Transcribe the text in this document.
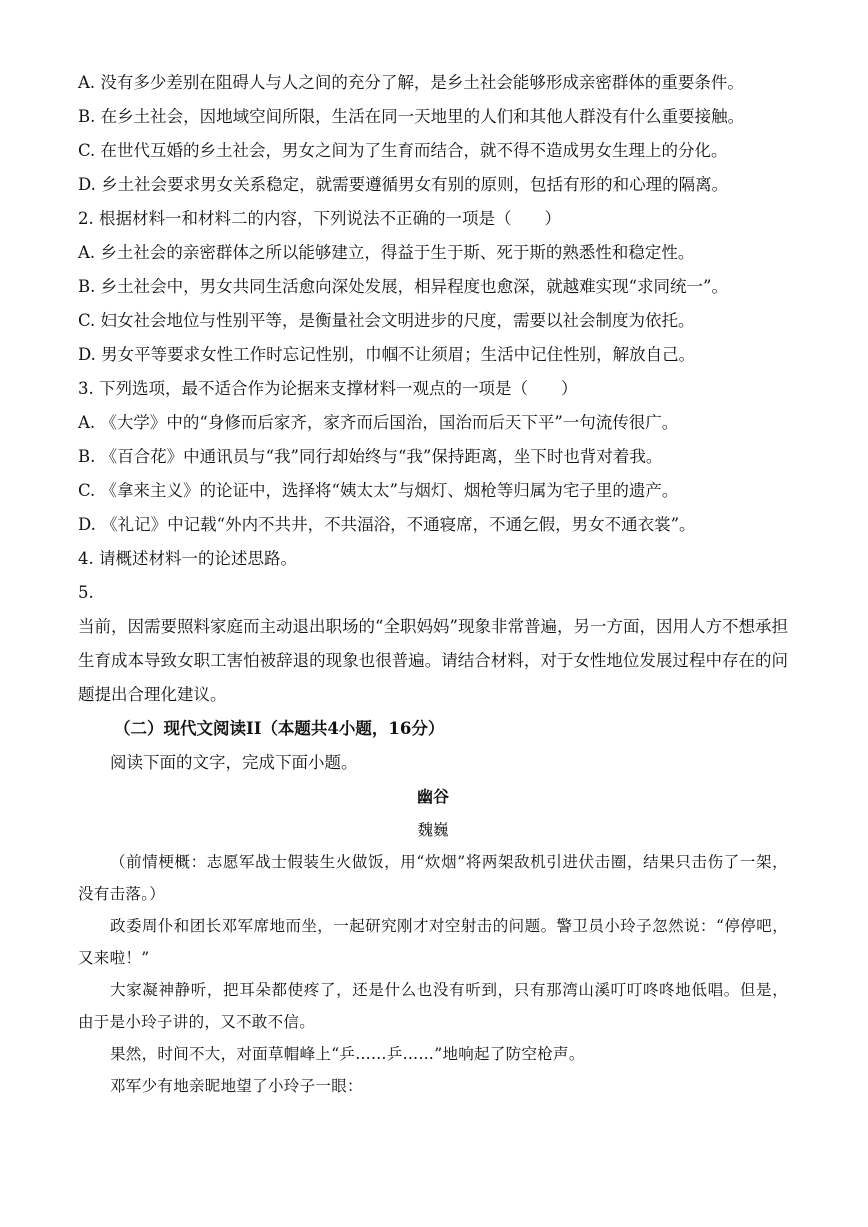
A. 没有多少差别在阻碍人与人之间的充分了解，是乡土社会能够形成亲密群体的重要条件。

B. 在乡土社会，因地域空间所限，生活在同一天地里的人们和其他人群没有什么重要接触。

C. 在世代互婚的乡土社会，男女之间为了生育而结合，就不得不造成男女生理上的分化。

D. 乡土社会要求男女关系稳定，就需要遵循男女有别的原则，包括有形的和心理的隔离。

2. 根据材料一和材料二的内容，下列说法不正确的一项是（　　）

A. 乡土社会的亲密群体之所以能够建立，得益于生于斯、死于斯的熟悉性和稳定性。

B. 乡土社会中，男女共同生活愈向深处发展，相异程度也愈深，就越难实现“求同统一”。

C. 妇女社会地位与性别平等，是衡量社会文明进步的尺度，需要以社会制度为依托。

D. 男女平等要求女性工作时忘记性别，巾帼不让须眉；生活中记住性别，解放自己。

3. 下列选项，最不适合作为论据来支撑材料一观点的一项是（　　）

A. 《大学》中的“身修而后家齐，家齐而后国治，国治而后天下平”一句流传很广。

B. 《百合花》中通讯员与“我”同行却始终与“我”保持距离，坐下时也背对着我。

C. 《拿来主义》的论证中，选择将“姨太太”与烟灯、烟枪等归属为宅子里的遗产。

D. 《礼记》中记载“外内不共井，不共湢浴，不通寝席，不通乞假，男女不通衣裳”。

4. 请概述材料一的论述思路。

5.

当前，因需要照料家庭而主动退出职场的“全职妈妈”现象非常普遍，另一方面，因用人方不想承担生育成本导致女职工害怕被辞退的现象也很普遍。请结合材料，对于女性地位发展过程中存在的问题提出合理化建议。

（二）现代文阅读II（本题共4小题，16分）

阅读下面的文字，完成下面小题。

幽谷

魏巍

（前情梗概：志愿军战士假装生火做饭，用“炊烟”将两架敌机引进伏击圈，结果只击伤了一架，没有击落。）

政委周仆和团长邓军席地而坐，一起研究刚才对空射击的问题。警卫员小玲子忽然说：“停停吧，又来啦！”

大家凝神静听，把耳朵都使疼了，还是什么也没有听到，只有那湾山溪叮叮咚咚地低唱。但是，由于是小玲子讲的，又不敢不信。

果然，时间不大，对面草帽峰上“乒……乒……”地响起了防空枪声。

邓军少有地亲昵地望了小玲子一眼：
